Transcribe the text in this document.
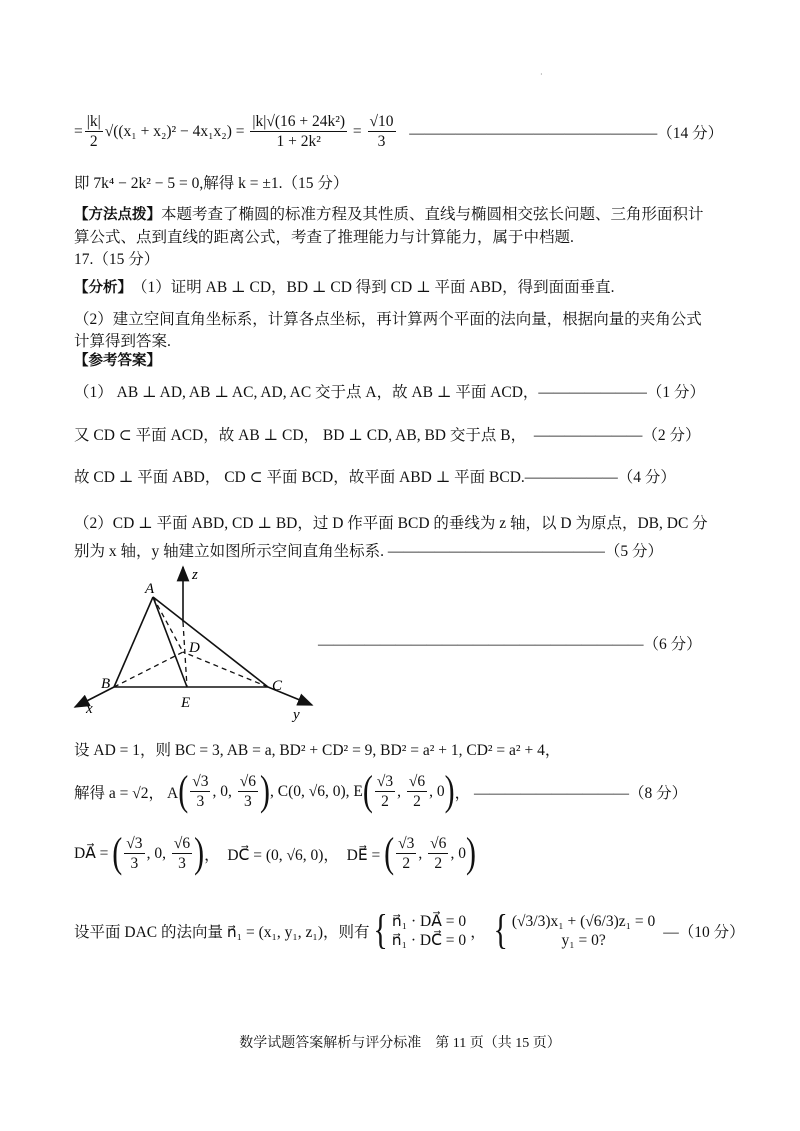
·
= $\frac{|k|}{2} √((x_1 + x_2)^2 - 4x_1x_2) = \frac{\text{|k|√(16 + 24k²)}}{\text{1 + 2k²}} = \frac{√10}{3}$ ————————————————（14 分）
即 7k⁴ − 2k² − 5 = 0,解得 k = ±1.（15 分）
【方法点拨】 本题考查了椭圆的标准方程及其性质、直线与椭圆相交弦长问题、三角形面积计
算公式、点到直线的距离公式，考查了推理能力与计算能力，属于中档题.
17.（15 分）
【分析】 （1）证明 AB ⊥ CD，BD ⊥ CD 得到 CD ⊥ 平面 ABD，得到面面垂直.
（2）建立空间直角坐标系，计算各点坐标，再计算两个平面的法向量，根据向量的夹角公式
计算得到答案.
【参考答案】
（1） AB ⊥ AD, AB ⊥ AC, AD, AC 交于点 A，故 AB ⊥ 平面 ACD，———————（1 分）
又 CD ⊂ 平面 ACD，故 AB ⊥ CD， BD ⊥ CD, AB, BD 交于点 B，  ———————（2 分）
故 CD ⊥ 平面 ABD， CD ⊂ 平面 BCD，故平面 ABD ⊥ 平面 BCD.——————（4 分）
（2）CD ⊥ 平面 ABD, CD ⊥ BD，过 D 作平面 BCD 的垂线为 z 轴，以 D 为原点，DB, DC 分
别为 x 轴，y 轴建立如图所示空间直角坐标系. ——————————————（5 分）
—————————————————————（6 分）
设 AD = 1，则 BC = 3, AB = a, BD² + CD² = 9, BD² = a² + 1, CD² = a² + 4，
解得 a = √2， A ( $\frac{√3}{3}$ , 0, $\frac{√6}{3}$ ) , C(0, √6, 0), E ( $\frac{√3}{2}$ , $\frac{√6}{2}$ , 0 ) ， ——————————（8 分）
DA⃗ = ( $\frac{√3}{3}$ , 0, $\frac{√6}{3}$ ) ，  DC⃗ = (0, √6, 0)，  DE⃗ = ( $\frac{√3}{2}$ , $\frac{√6}{2}$ , 0 )
设平面 DAC 的法向量 n⃗₁ = (x₁, y₁, z₁)，则有 { n⃗₁ · DA⃗ = 0
n⃗₁ · DC⃗ = 0 ， { (√3/3)x₁ + (√6/3)z₁ = 0
y₁ = 0?	—（10 分）
A
z
D
B	C
E
x	y
数学试题答案解析与评分标准　第 11 页（共 15 页）
